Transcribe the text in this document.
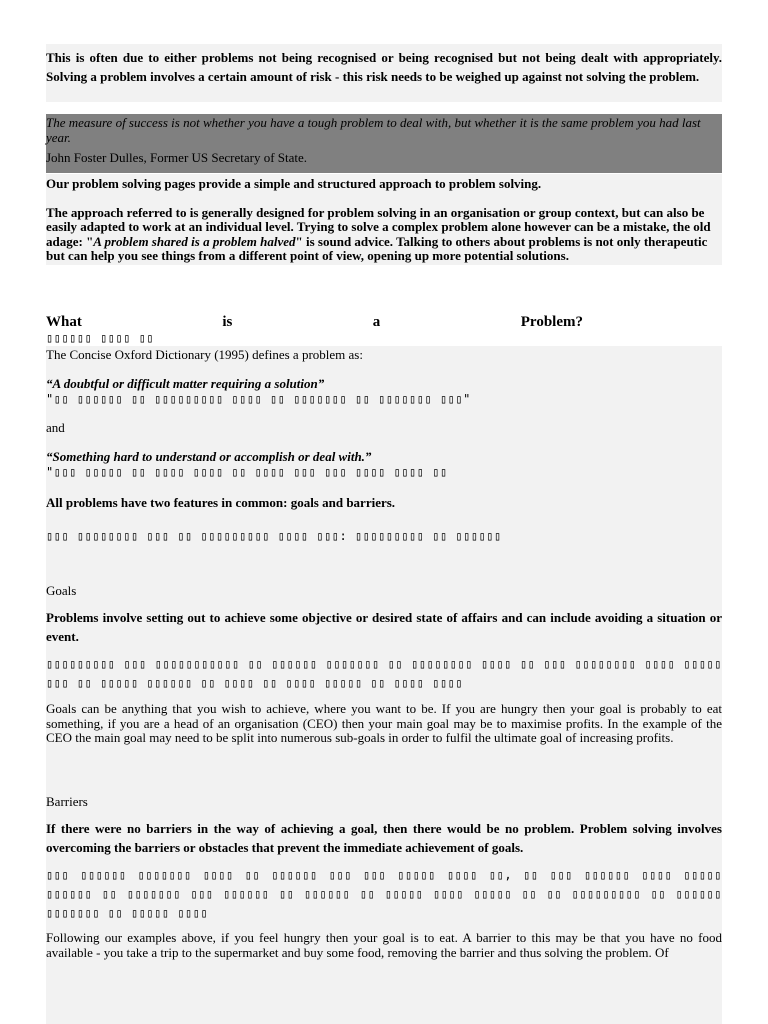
This is often due to either problems not being recognised or being recognised but not being dealt with appropriately. Solving a problem involves a certain amount of risk - this risk needs to be weighed up against not solving the problem.

The measure of success is not whether you have a tough problem to deal with, but whether it is the same problem you had last year.

John Foster Dulles, Former US Secretary of State.

Our problem solving pages provide a simple and structured approach to problem solving.

The approach referred to is generally designed for problem solving in an organisation or group context, but can also be easily adapted to work at an individual level. Trying to solve a complex problem alone however can be a mistake, the old adage: "A problem shared is a problem halved" is sound advice. Talking to others about problems is not only therapeutic but can help you see things from a different point of view, opening up more potential solutions.

What	is	a	Problem?

▯▯▯▯▯▯ ▯▯▯▯ ▯▯

The Concise Oxford Dictionary (1995) defines a problem as:

“A doubtful or difficult matter requiring a solution”

"▯▯ ▯▯▯▯▯▯ ▯▯ ▯▯▯▯▯▯▯▯▯ ▯▯▯▯ ▯▯ ▯▯▯▯▯▯▯ ▯▯ ▯▯▯▯▯▯▯ ▯▯▯"

and

“Something hard to understand or accomplish or deal with.”

"▯▯▯ ▯▯▯▯▯ ▯▯ ▯▯▯▯ ▯▯▯▯ ▯▯ ▯▯▯▯ ▯▯▯ ▯▯▯ ▯▯▯▯ ▯▯▯▯ ▯▯

All problems have two features in common: goals and barriers.

▯▯▯ ▯▯▯▯▯▯▯▯ ▯▯▯ ▯▯ ▯▯▯▯▯▯▯▯▯ ▯▯▯▯ ▯▯▯: ▯▯▯▯▯▯▯▯▯ ▯▯ ▯▯▯▯▯▯

Goals

Problems involve setting out to achieve some objective or desired state of affairs and can include avoiding a situation or event.

▯▯▯▯▯▯▯▯▯ ▯▯▯ ▯▯▯▯▯▯▯▯▯▯▯ ▯▯ ▯▯▯▯▯▯ ▯▯▯▯▯▯▯ ▯▯ ▯▯▯▯▯▯▯▯ ▯▯▯▯ ▯▯ ▯▯▯ ▯▯▯▯▯▯▯▯ ▯▯▯▯ ▯▯▯▯▯ ▯▯▯ ▯▯ ▯▯▯▯▯ ▯▯▯▯▯▯ ▯▯ ▯▯▯▯ ▯▯ ▯▯▯▯ ▯▯▯▯▯ ▯▯ ▯▯▯▯ ▯▯▯▯

Goals can be anything that you wish to achieve, where you want to be. If you are hungry then your goal is probably to eat something, if you are a head of an organisation (CEO) then your main goal may be to maximise profits. In the example of the CEO the main goal may need to be split into numerous sub-goals in order to fulfil the ultimate goal of increasing profits.

Barriers

If there were no barriers in the way of achieving a goal, then there would be no problem. Problem solving involves overcoming the barriers or obstacles that prevent the immediate achievement of goals.

▯▯▯ ▯▯▯▯▯▯ ▯▯▯▯▯▯▯ ▯▯▯▯ ▯▯ ▯▯▯▯▯▯ ▯▯▯ ▯▯▯ ▯▯▯▯▯ ▯▯▯▯ ▯▯, ▯▯ ▯▯▯ ▯▯▯▯▯▯ ▯▯▯▯ ▯▯▯▯▯ ▯▯▯▯▯▯ ▯▯ ▯▯▯▯▯▯▯ ▯▯▯ ▯▯▯▯▯▯ ▯▯ ▯▯▯▯▯▯ ▯▯ ▯▯▯▯▯ ▯▯▯▯ ▯▯▯▯▯ ▯▯ ▯▯ ▯▯▯▯▯▯▯▯▯ ▯▯ ▯▯▯▯▯▯ ▯▯▯▯▯▯▯ ▯▯ ▯▯▯▯▯ ▯▯▯▯

Following our examples above, if you feel hungry then your goal is to eat. A barrier to this may be that you have no food available - you take a trip to the supermarket and buy some food, removing the barrier and thus solving the problem. Of
